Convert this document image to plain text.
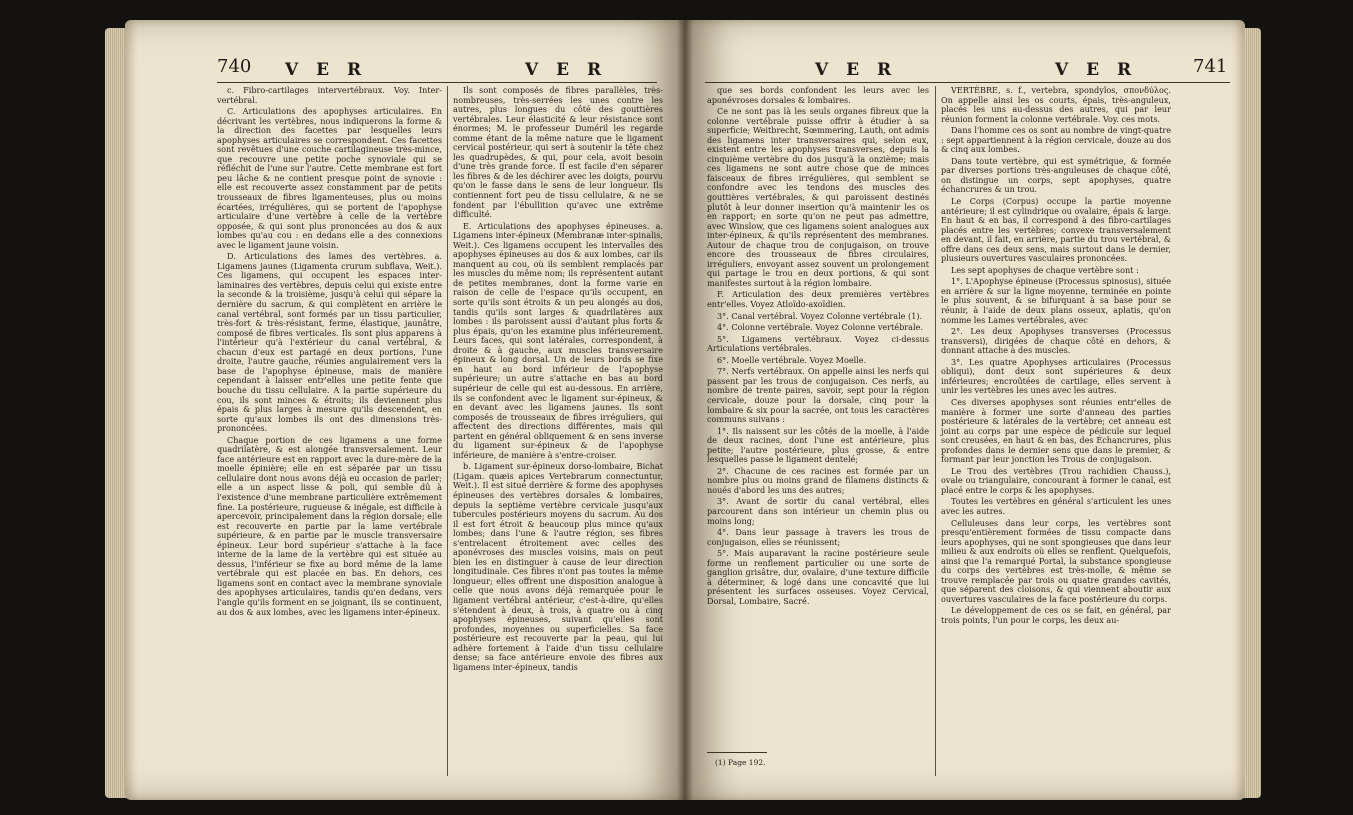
740 V E R	V E R

c. Fibro-cartilages intervertébraux. Voy. Inter-vertébral.

C. Articulations des apophyses articulaires. En décrivant les vertèbres, nous indiquerons la forme & la direction des facettes par lesquelles leurs apophyses articulaires se correspondent. Ces facettes sont revêtues d'une couche cartilagineuse très-mince, que recouvre une petite poche synoviale qui se réfléchit de l'une sur l'autre. Cette membrane est fort peu lâche & ne contient presque point de synovie : elle est recouverte assez constamment par de petits trousseaux de fibres ligamenteuses, plus ou moins écartées, irrégulières, qui se portent de l'apophyse articulaire d'une vertèbre à celle de la vertèbre opposée, & qui sont plus prononcées au dos & aux lombes qu'au cou : en dedans elle a des connexions avec le ligament jaune voisin.

D. Articulations des lames des vertèbres. a. Ligamens jaunes (Ligamenta crurum subflava, Weit.). Ces ligamens, qui occupent les espaces inter-laminaires des vertèbres, depuis celui qui existe entre la seconde & la troisième, jusqu'à celui qui sépare la dernière du sacrum, & qui complètent en arrière le canal vertébral, sont formés par un tissu particulier, très-fort & très-résistant, ferme, élastique, jaunâtre, composé de fibres verticales. Ils sont plus apparens à l'intérieur qu'à l'extérieur du canal vertébral, & chacun d'eux est partagé en deux portions, l'une droite, l'autre gauche, réunies angulairement vers la base de l'apophyse épineuse, mais de manière cependant à laisser entr'elles une petite fente que bouche du tissu cellulaire. A la partie supérieure du cou, ils sont minces & étroits; ils deviennent plus épais & plus larges à mesure qu'ils descendent, en sorte qu'aux lombes ils ont des dimensions très-prononcées.

Chaque portion de ces ligamens a une forme quadrilatère, & est alongée transversalement. Leur face antérieure est en rapport avec la dure-mère de la moelle épinière; elle en est séparée par un tissu cellulaire dont nous avons déjà eu occasion de parler; elle a un aspect lisse & poli, qui semble dû à l'existence d'une membrane particulière extrêmement fine. La postérieure, rugueuse & inégale, est difficile à apercevoir, principalement dans la région dorsale; elle est recouverte en partie par la lame vertébrale supérieure, & en partie par le muscle transversaire épineux. Leur bord supérieur s'attache à la face interne de la lame de la vertèbre qui est située au dessus, l'inférieur se fixe au bord même de la lame vertébrale qui est placée en bas. En dehors, ces ligamens sont en contact avec la membrane synoviale des apophyses articulaires, tandis qu'en dedans, vers l'angle qu'ils forment en se joignant, ils se continuent, au dos & aux lombes, avec les ligamens inter-épineux.

Ils sont composés de fibres parallèles, très-nombreuses, très-serrées les unes contre les autres, plus longues du côté des gouttières vertébrales. Leur élasticité & leur résistance sont énormes; M. le professeur Duméril les regarde comme étant de la même nature que le ligament cervical postérieur, qui sert à soutenir la tête chez les quadrupèdes, & qui, pour cela, avoit besoin d'une très grande force. Il est facile d'en séparer les fibres & de les déchirer avec les doigts, pourvu qu'on le fasse dans le sens de leur longueur. Ils contiennent fort peu de tissu cellulaire, & ne se fondent par l'ébullition qu'avec une extrême difficulté.

E. Articulations des apophyses épineuses. a. Ligamens inter-épineux (Membranæ inter-spinalis, Weit.). Ces ligamens occupent les intervalles des apophyses épineuses au dos & aux lombes, car ils manquent au cou, où ils semblent remplacés par les muscles du même nom; ils représentent autant de petites membranes, dont la forme varie en raison de celle de l'espace qu'ils occupent, en sorte qu'ils sont étroits & un peu alongés au dos, tandis qu'ils sont larges & quadrilatères aux lombes : ils paroissent aussi d'autant plus forts & plus épais, qu'on les examine plus inférieurement. Leurs faces, qui sont latérales, correspondent, à droite & à gauche, aux muscles transversaire épineux & long dorsal. Un de leurs bords se fixe en haut au bord inférieur de l'apophyse supérieure; un autre s'attache en bas au bord supérieur de celle qui est au-dessous. En arrière, ils se confondent avec le ligament sur-épineux, & en devant avec les ligamens jaunes. Ils sont composés de trousseaux de fibres irréguliers, qui affectent des directions différentes, mais qui partent en général obliquement & en sens inverse du ligament sur-épineux & de l'apophyse inférieure, de manière à s'entre-croiser.

b. Ligament sur-épineux dorso-lombaire, Bichat (Ligam. quæis apices Vertebrarum connectuntur, Weit.). Il est situé derrière & forme des apophyses épineuses des vertèbres dorsales & lombaires, depuis la septième vertèbre cervicale jusqu'aux tubercules postérieurs moyens du sacrum. Au dos il est fort étroit & beaucoup plus mince qu'aux lombes; dans l'une & l'autre région, ses fibres s'entrelacent étroitement avec celles des aponévroses des muscles voisins, mais on peut bien les en distinguer à cause de leur direction longitudinale. Ces fibres n'ont pas toutes la même longueur; elles offrent une disposition analogue à celle que nous avons déjà remarquée pour le ligament vertébral antérieur, c'est-à-dire, qu'elles s'étendent à deux, à trois, à quatre ou à cinq apophyses épineuses, suivant qu'elles sont profondes, moyennes ou superficielles. Sa face postérieure est recouverte par la peau, qui lui adhère fortement à l'aide d'un tissu cellulaire dense; sa face antérieure envoie des fibres aux ligamens inter-épineux, tandis

V E R	V E R	741

que ses bords confondent les leurs avec les aponévroses dorsales & lombaires.

Ce ne sont pas là les seuls organes fibreux que la colonne vertébrale puisse offrir à étudier à sa superficie; Weitbrecht, Sœmmering, Lauth, ont admis des ligamens inter transversaires qui, selon eux, existent entre les apophyses transverses, depuis la cinquième vertèbre du dos jusqu'à la onzième; mais ces ligamens ne sont autre chose que de minces faisceaux de fibres irrégulières, qui semblent se confondre avec les tendons des muscles des gouttières vertébrales, & qui paroissent destinés plutôt à leur donner insertion qu'à maintenir les os en rapport; en sorte qu'on ne peut pas admettre, avec Winslow, que ces ligamens soient analogues aux inter-épineux, & qu'ils représentent des membranes. Autour de chaque trou de conjugaison, on trouve encore des trousseaux de fibres circulaires, irréguliers, envoyant assez souvent un prolongement qui partage le trou en deux portions, & qui sont manifestes surtout à la région lombaire.

F. Articulation des deux premières vertèbres entr'elles. Voyez Atloïdo-axoïdien.

3°. Canal vertébral. Voyez Colonne vertébrale (1).

4°. Colonne vertébrale. Voyez Colonne vertébrale.

5°. Ligamens vertébraux. Voyez ci-dessus Articulations vertébrales.

6°. Moelle vertébrale. Voyez Moelle.

7°. Nerfs vertébraux. On appelle ainsi les nerfs qui passent par les trous de conjugaison. Ces nerfs, au nombre de trente paires, savoir, sept pour la région cervicale, douze pour la dorsale, cinq pour la lombaire & six pour la sacrée, ont tous les caractères communs suivans :

1°. Ils naissent sur les côtés de la moelle, à l'aide de deux racines, dont l'une est antérieure, plus petite; l'autre postérieure, plus grosse, & entre lesquelles passe le ligament dentelé;

2°. Chacune de ces racines est formée par un nombre plus ou moins grand de filamens distincts & noués d'abord les uns des autres;

3°. Avant de sortir du canal vertébral, elles parcourent dans son intérieur un chemin plus ou moins long;

4°. Dans leur passage à travers les trous de conjugaison, elles se réunissent;

5°. Mais auparavant la racine postérieure seule forme un renflement particulier ou une sorte de ganglion grisâtre, dur, ovalaire, d'une texture difficile à déterminer, & logé dans une concavité que lui présentent les surfaces osseuses. Voyez Cervical, Dorsal, Lombaire, Sacré.

(1) Page 192.

VERTÈBRE, s. f., vertebra, spondylos, σπονδύλος. On appelle ainsi les os courts, épais, très-anguleux, placés les uns au-dessus des autres, qui par leur réunion forment la colonne vertébrale. Voy. ces mots.

Dans l'homme ces os sont au nombre de vingt-quatre : sept appartiennent à la région cervicale, douze au dos & cinq aux lombes.

Dans toute vertèbre, qui est symétrique, & formée par diverses portions très-anguleuses de chaque côté, on distingue un corps, sept apophyses, quatre échancrures & un trou.

Le Corps (Corpus) occupe la partie moyenne antérieure; il est cylindrique ou ovalaire, épais & large. En haut & en bas, il correspond à des fibro-cartilages placés entre les vertèbres; convexe transversalement en devant, il fait, en arrière, partie du trou vertébral, & offre dans ces deux sens, mais surtout dans le dernier, plusieurs ouvertures vasculaires prononcées.

Les sept apophyses de chaque vertèbre sont :

1°. L'Apophyse épineuse (Processus spinosus), située en arrière & sur la ligne moyenne, terminée en pointe le plus souvent, & se bifurquant à sa base pour se réunir, à l'aide de deux plans osseux, aplatis, qu'on nomme les Lames vertébrales, avec

2°. Les deux Apophyses transverses (Processus transversi), dirigées de chaque côté en dehors, & donnant attache à des muscles.

3°. Les quatre Apophyses articulaires (Processus obliqui), dont deux sont supérieures & deux inférieures; encroûtées de cartilage, elles servent à unir les vertèbres les unes avec les autres.

Ces diverses apophyses sont réunies entr'elles de manière à former une sorte d'anneau des parties postérieure & latérales de la vertèbre; cet anneau est joint au corps par une espèce de pédicule sur lequel sont creusées, en haut & en bas, des Échancrures, plus profondes dans le dernier sens que dans le premier, & formant par leur jonction les Trous de conjugaison.

Le Trou des vertèbres (Trou rachidien Chauss.), ovale ou triangulaire, concourant à former le canal, est placé entre le corps & les apophyses.

Toutes les vertèbres en général s'articulent les unes avec les autres.

Celluleuses dans leur corps, les vertèbres sont presqu'entièrement formées de tissu compacte dans leurs apophyses, qui ne sont spongieuses que dans leur milieu & aux endroits où elles se renflent. Quelquefois, ainsi que l'a remarqué Portal, la substance spongieuse du corps des vertèbres est très-molle, & même se trouve remplacée par trois ou quatre grandes cavités, que séparent des cloisons, & qui viennent aboutir aux ouvertures vasculaires de la face postérieure du corps.

Le développement de ces os se fait, en général, par trois points, l'un pour le corps, les deux au-
